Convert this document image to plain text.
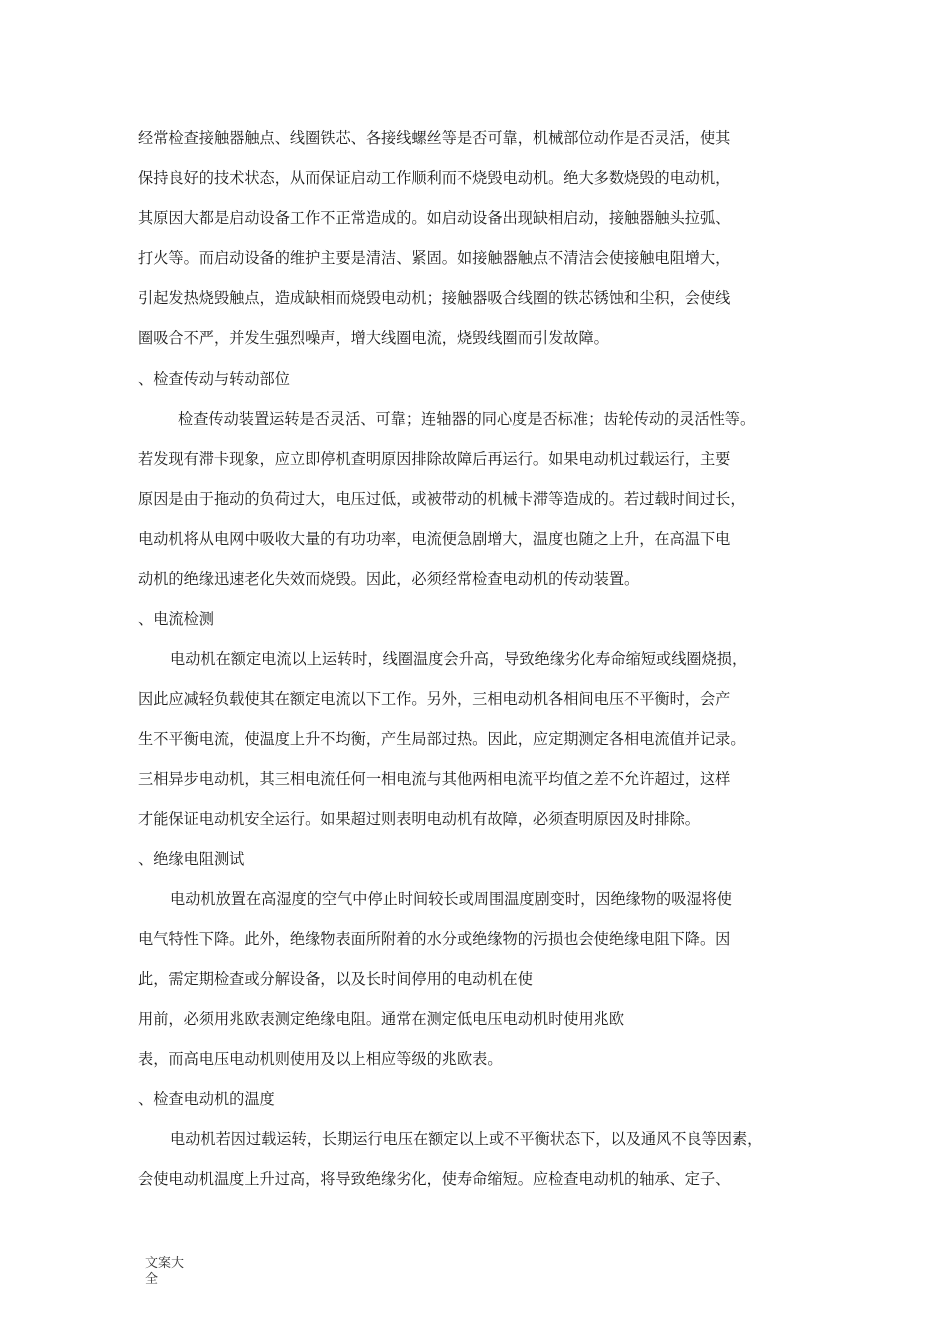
经常检查接触器触点、线圈铁芯、各接线螺丝等是否可靠，机械部位动作是否灵活，使其
保持良好的技术状态，从而保证启动工作顺利而不烧毁电动机。绝大多数烧毁的电动机，
其原因大都是启动设备工作不正常造成的。如启动设备出现缺相启动，接触器触头拉弧、
打火等。而启动设备的维护主要是清洁、紧固。如接触器触点不清洁会使接触电阻增大，
引起发热烧毁触点，造成缺相而烧毁电动机；接触器吸合线圈的铁芯锈蚀和尘积，会使线
圈吸合不严，并发生强烈噪声，增大线圈电流，烧毁线圈而引发故障。
、检查传动与转动部位
检查传动装置运转是否灵活、可靠；连轴器的同心度是否标准；齿轮传动的灵活性等。
若发现有滞卡现象，应立即停机查明原因排除故障后再运行。如果电动机过载运行，主要
原因是由于拖动的负荷过大，电压过低，或被带动的机械卡滞等造成的。若过载时间过长，
电动机将从电网中吸收大量的有功功率，电流便急剧增大，温度也随之上升，在高温下电
动机的绝缘迅速老化失效而烧毁。因此，必须经常检查电动机的传动装置。
、电流检测
电动机在额定电流以上运转时，线圈温度会升高，导致绝缘劣化寿命缩短或线圈烧损，
因此应减轻负载使其在额定电流以下工作。另外，三相电动机各相间电压不平衡时，会产
生不平衡电流，使温度上升不均衡，产生局部过热。因此，应定期测定各相电流值并记录。
三相异步电动机，其三相电流任何一相电流与其他两相电流平均值之差不允许超过，这样
才能保证电动机安全运行。如果超过则表明电动机有故障，必须查明原因及时排除。
、绝缘电阻测试
电动机放置在高湿度的空气中停止时间较长或周围温度剧变时，因绝缘物的吸湿将使
电气特性下降。此外，绝缘物表面所附着的水分或绝缘物的污损也会使绝缘电阻下降。因
此，需定期检查或分解设备，以及长时间停用的电动机在使
用前，必须用兆欧表测定绝缘电阻。通常在测定低电压电动机时使用兆欧
表，而高电压电动机则使用及以上相应等级的兆欧表。
、检查电动机的温度
电动机若因过载运转，长期运行电压在额定以上或不平衡状态下，以及通风不良等因素，
会使电动机温度上升过高，将导致绝缘劣化，使寿命缩短。应检查电动机的轴承、定子、
文案大
全
